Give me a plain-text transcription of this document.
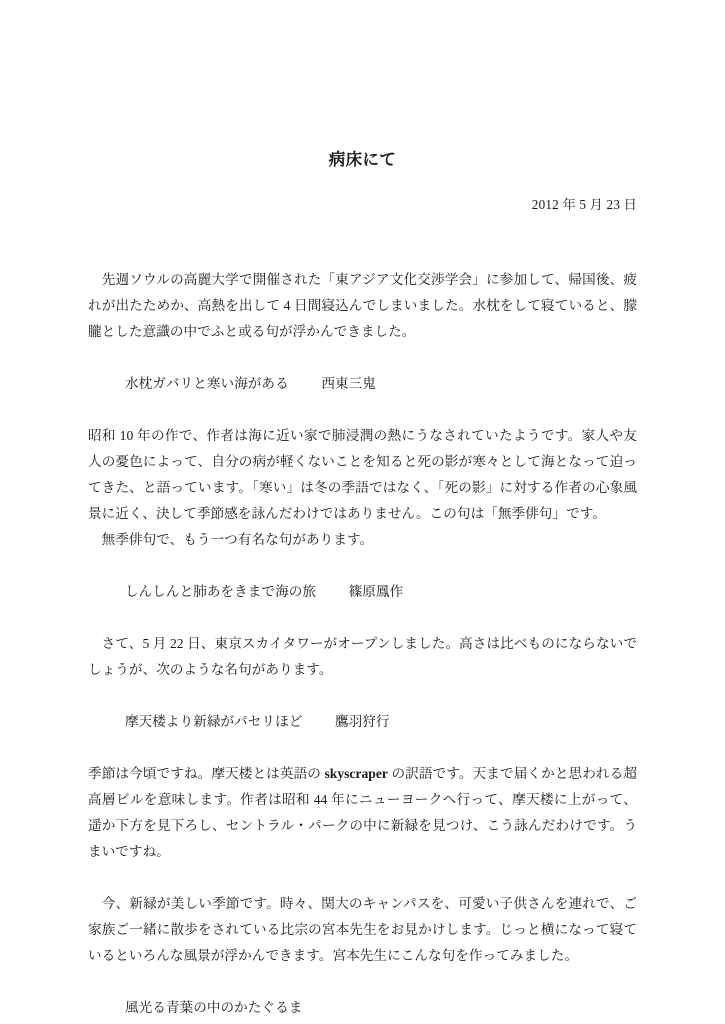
病床にて
2012 年 5 月 23 日

　先週ソウルの高麗大学で開催された「東アジア文化交渉学会」に参加して、帰国後、疲れが出たためか、高熱を出して 4 日間寝込んでしまいました。水枕をして寝ていると、朦朧とした意識の中でふと或る句が浮かんできました。

水枕ガバリと寒い海がある 西東三鬼

昭和 10 年の作で、作者は海に近い家で肺浸潤の熱にうなされていたようです。家人や友人の憂色によって、自分の病が軽くないことを知ると死の影が寒々として海となって迫ってきた、と語っています。「寒い」は冬の季語ではなく、「死の影」に対する作者の心象風景に近く、決して季節感を詠んだわけではありません。この句は「無季俳句」です。

　無季俳句で、もう一つ有名な句があります。

しんしんと肺あをきまで海の旅 篠原鳳作

　さて、5 月 22 日、東京スカイタワーがオープンしました。高さは比べものにならないでしょうが、次のような名句があります。

摩天楼より新緑がパセリほど 鷹羽狩行

季節は今頃ですね。摩天楼とは英語の skyscraper の訳語です。天まで届くかと思われる超高層ビルを意味します。作者は昭和 44 年にニューヨークへ行って、摩天楼に上がって、遥か下方を見下ろし、セントラル・パークの中に新緑を見つけ、こう詠んだわけです。うまいですね。

　今、新緑が美しい季節です。時々、関大のキャンパスを、可愛い子供さんを連れで、ご家族ご一緒に散歩をされている比宗の宮本先生をお見かけします。じっと横になって寝ているといろんな風景が浮かんできます。宮本先生にこんな句を作ってみました。

風光る青葉の中のかたぐるま
